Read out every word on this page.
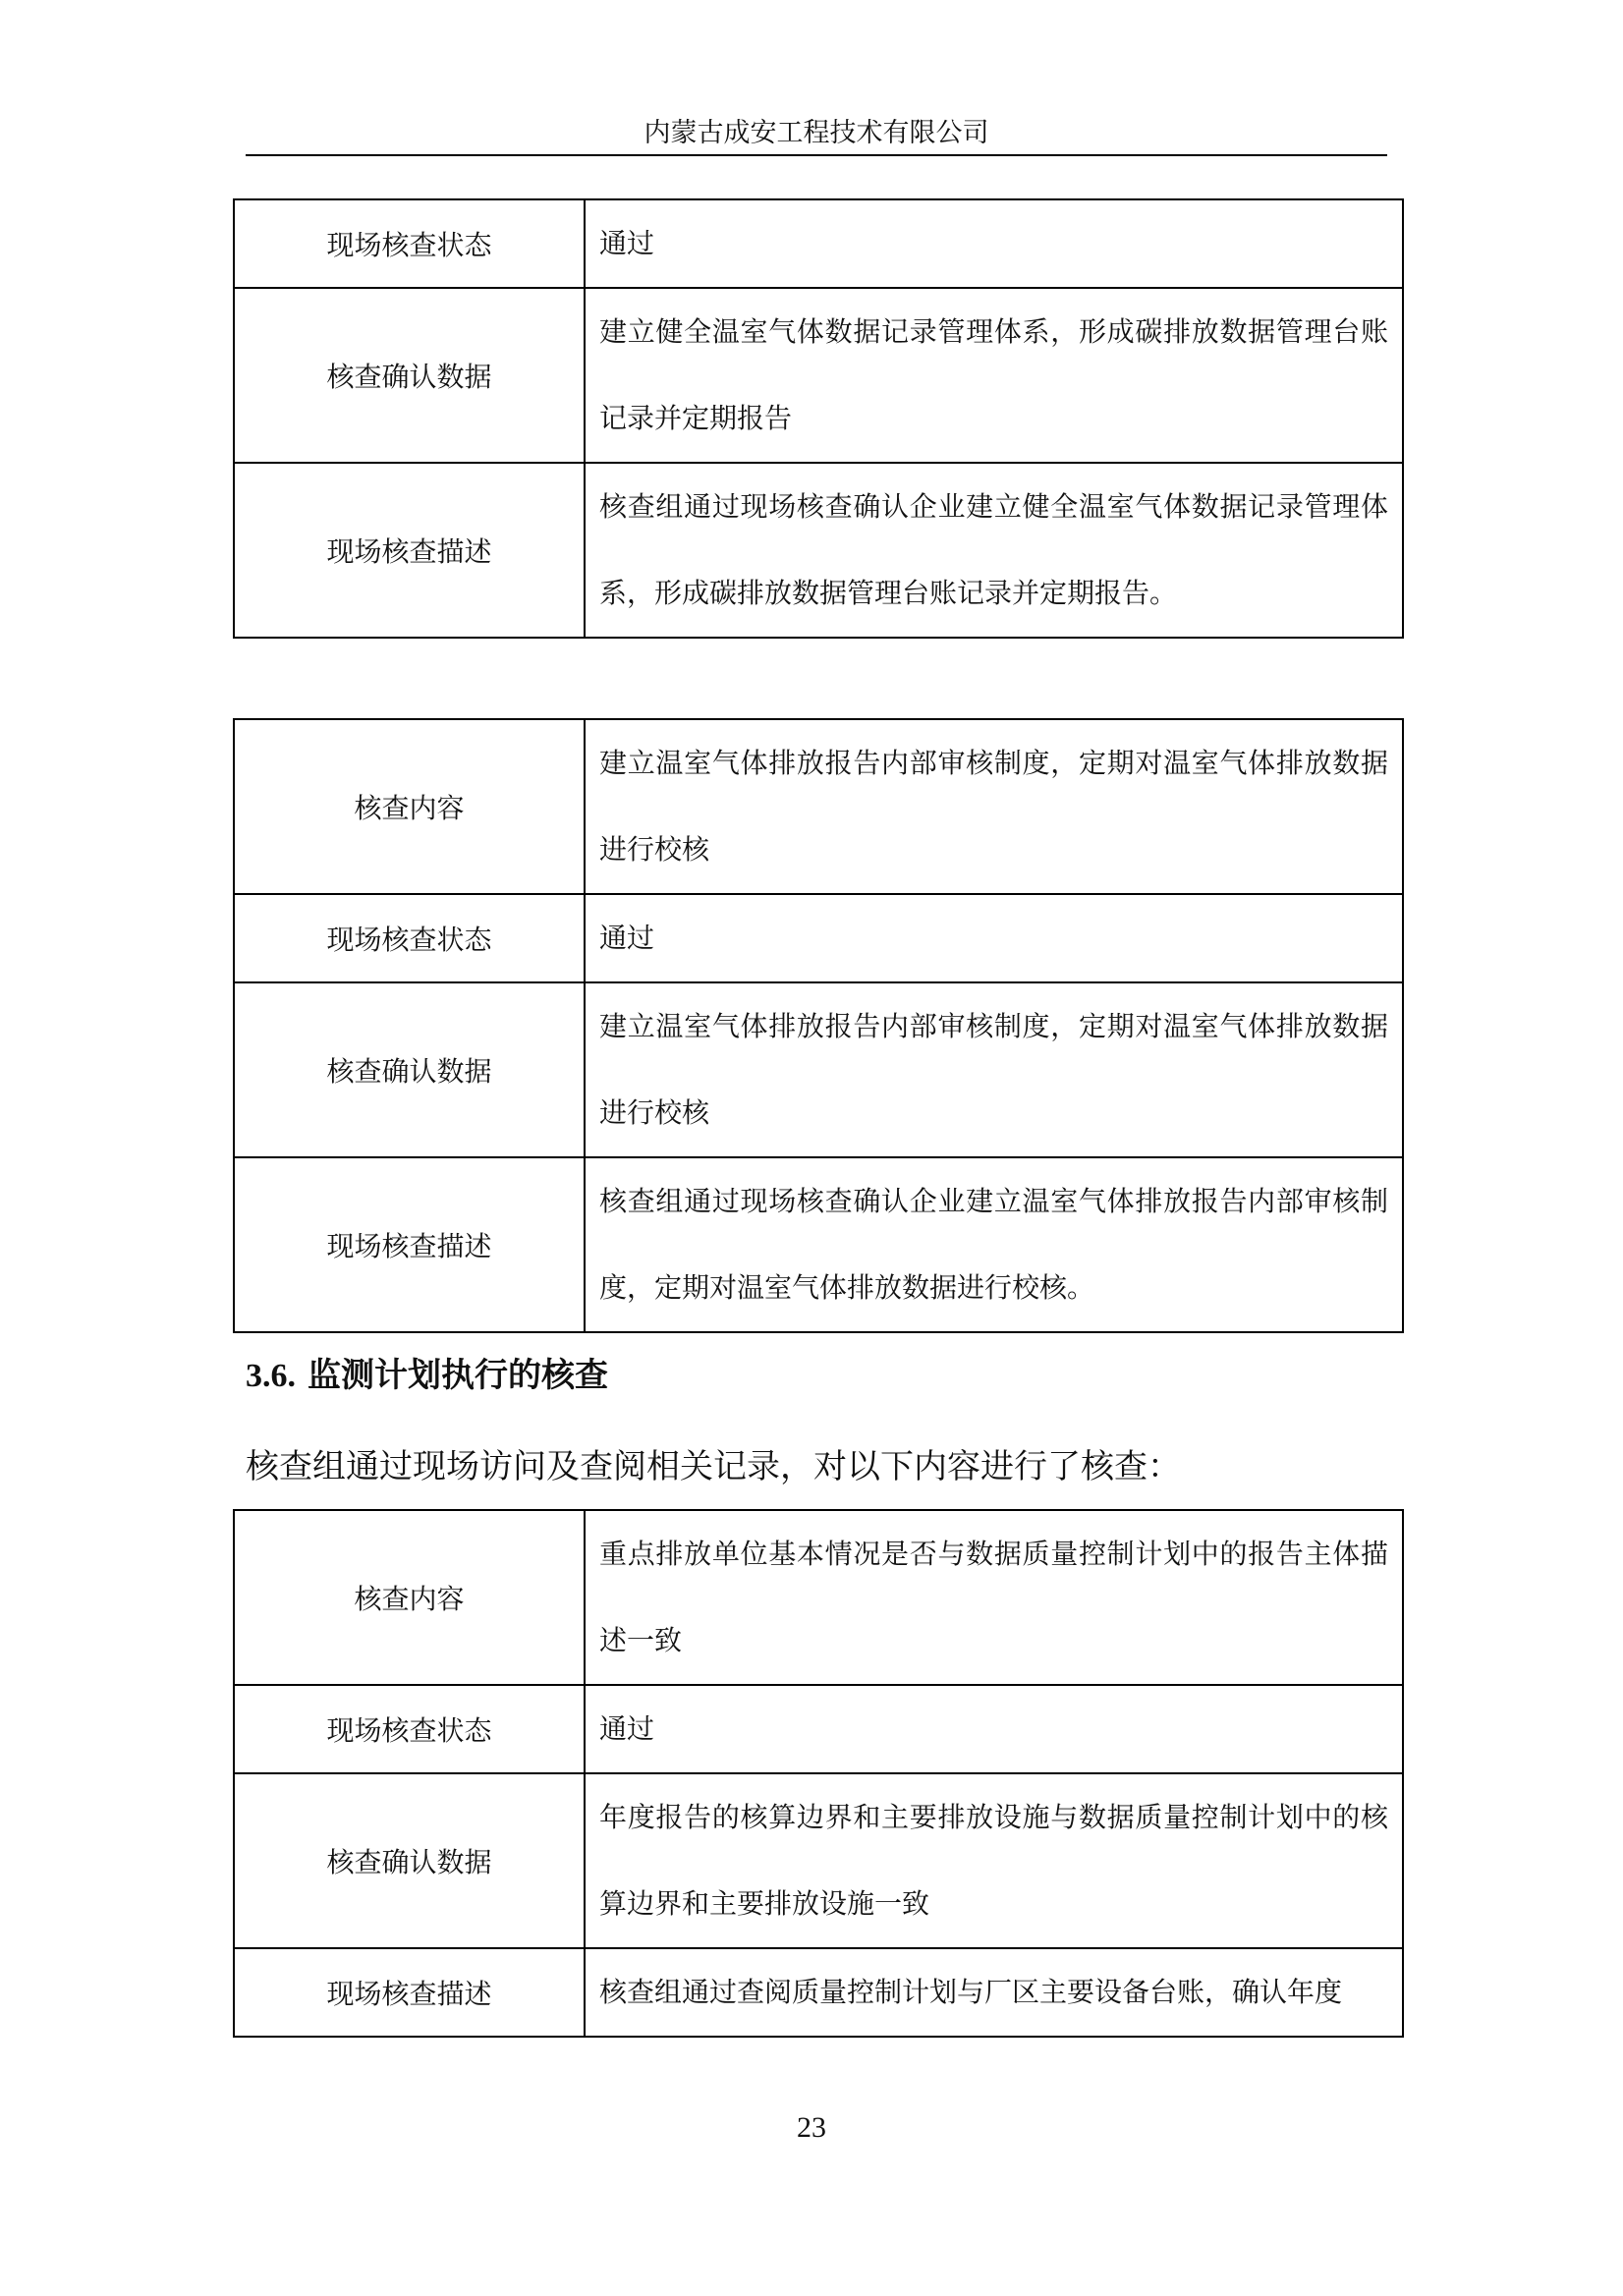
内蒙古成安工程技术有限公司
现场核查状态	通过
核查确认数据	建立健全温室气体数据记录管理体系，形成碳排放数据管理台账记录并定期报告
现场核查描述	核查组通过现场核查确认企业建立健全温室气体数据记录管理体系，形成碳排放数据管理台账记录并定期报告。
核查内容	建立温室气体排放报告内部审核制度，定期对温室气体排放数据进行校核
现场核查状态	通过
核查确认数据	建立温室气体排放报告内部审核制度，定期对温室气体排放数据进行校核
现场核查描述	核查组通过现场核查确认企业建立温室气体排放报告内部审核制度，定期对温室气体排放数据进行校核。
3.6. 监测计划执行的核查
核查组通过现场访问及查阅相关记录，对以下内容进行了核查：
核查内容	重点排放单位基本情况是否与数据质量控制计划中的报告主体描述一致
现场核查状态	通过
核查确认数据	年度报告的核算边界和主要排放设施与数据质量控制计划中的核算边界和主要排放设施一致
现场核查描述	核查组通过查阅质量控制计划与厂区主要设备台账，确认年度
23
